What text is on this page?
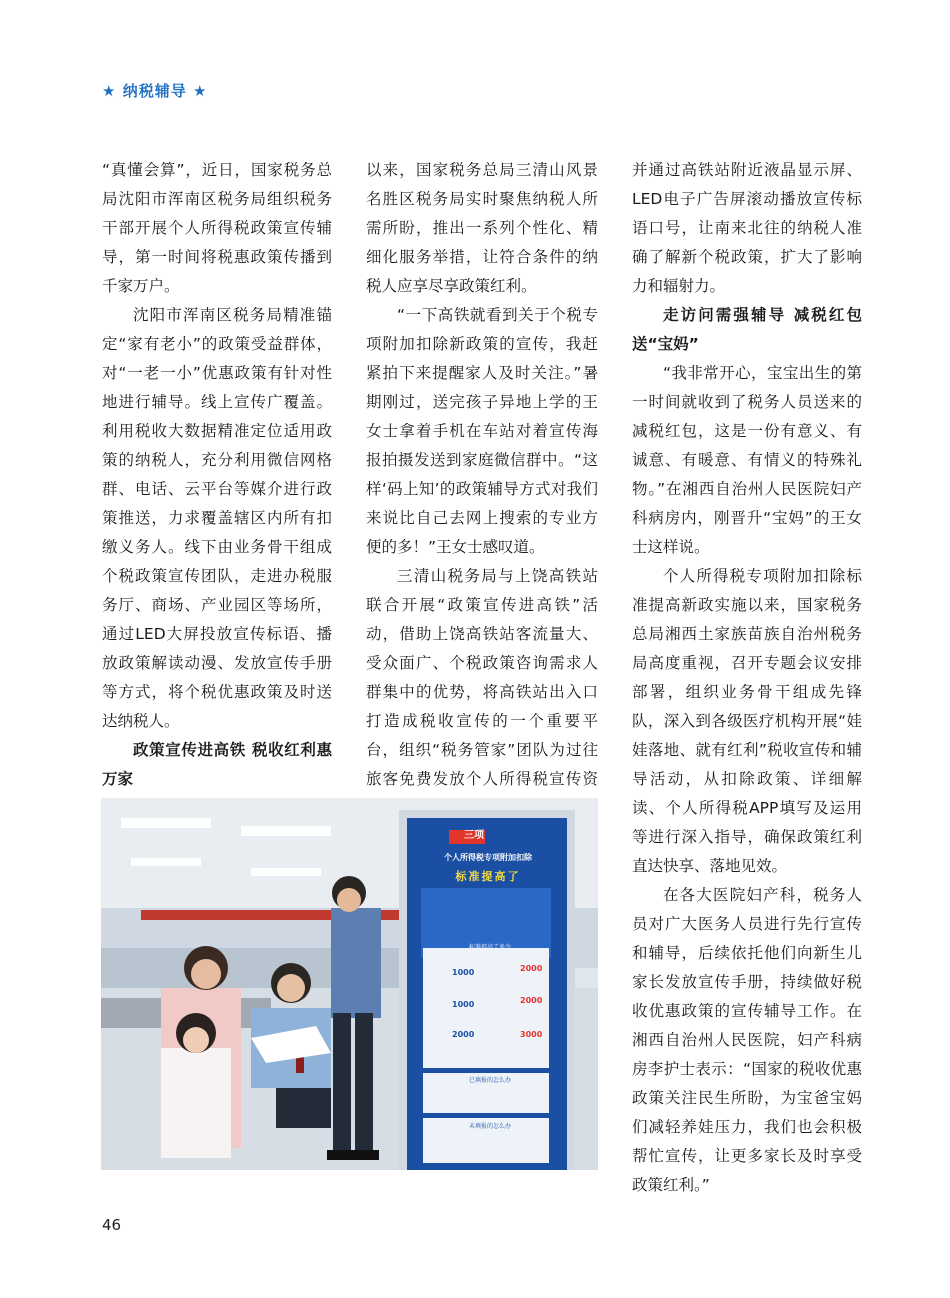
★ 纳税辅导 ★

“真懂会算”，近日，国家税务总局沈阳市浑南区税务局组织税务干部开展个人所得税政策宣传辅导，第一时间将税惠政策传播到千家万户。

沈阳市浑南区税务局精准锚定“家有老小”的政策受益群体，对“一老一小”优惠政策有针对性地进行辅导。线上宣传广覆盖。利用税收大数据精准定位适用政策的纳税人，充分利用微信网格群、电话、云平台等媒介进行政策推送，力求覆盖辖区内所有扣缴义务人。线下由业务骨干组成个税政策宣传团队，走进办税服务厅、商场、产业园区等场所，通过LED大屏投放宣传标语、播放政策解读动漫、发放宣传手册等方式，将个税优惠政策及时送达纳税人。

政策宣传进高铁 税收红利惠万家

以来，国家税务总局三清山风景名胜区税务局实时聚焦纳税人所需所盼，推出一系列个性化、精细化服务举措，让符合条件的纳税人应享尽享政策红利。

“一下高铁就看到关于个税专项附加扣除新政策的宣传，我赶紧拍下来提醒家人及时关注。”暑期刚过，送完孩子异地上学的王女士拿着手机在车站对着宣传海报拍摄发送到家庭微信群中。“这样‘码上知’的政策辅导方式对我们来说比自己去网上搜索的专业方便的多！”王女士感叹道。

三清山税务局与上饶高铁站联合开展“政策宣传进高铁”活动，借助上饶高铁站客流量大、受众面广、个税政策咨询需求人群集中的优势，将高铁站出入口打造成税收宣传的一个重要平台，组织“税务管家”团队为过往旅客免费发放个人所得税宣传资

并通过高铁站附近液晶显示屏、LED电子广告屏滚动播放宣传标语口号，让南来北往的纳税人准确了解新个税政策，扩大了影响力和辐射力。

走访问需强辅导 减税红包送“宝妈”

“我非常开心，宝宝出生的第一时间就收到了税务人员送来的减税红包，这是一份有意义、有诚意、有暖意、有情义的特殊礼物。”在湘西自治州人民医院妇产科病房内，刚晋升“宝妈”的王女士这样说。

个人所得税专项附加扣除标准提高新政实施以来，国家税务总局湘西土家族苗族自治州税务局高度重视，召开专题会议安排部署，组织业务骨干组成先锋队，深入到各级医疗机构开展“娃娃落地、就有红利”税收宣传和辅导活动，从扣除政策、详细解读、个人所得税APP填写及运用等进行深入指导，确保政策红利直达快享、落地见效。

在各大医院妇产科，税务人员对广大医务人员进行先行宣传和辅导，后续依托他们向新生儿家长发放宣传手册，持续做好税收优惠政策的宣传辅导工作。在湘西自治州人民医院，妇产科病房李护士表示：“国家的税收优惠政策关注民生所盼，为宝爸宝妈们减轻养娃压力，我们也会积极帮忙宣传，让更多家长及时享受政策红利。”

三项
个人所得税专项附加扣除
标准提高了
标准提高了多少
1000	2000
1000	2000
2000	3000
已填报的怎么办
未填报的怎么办
46
